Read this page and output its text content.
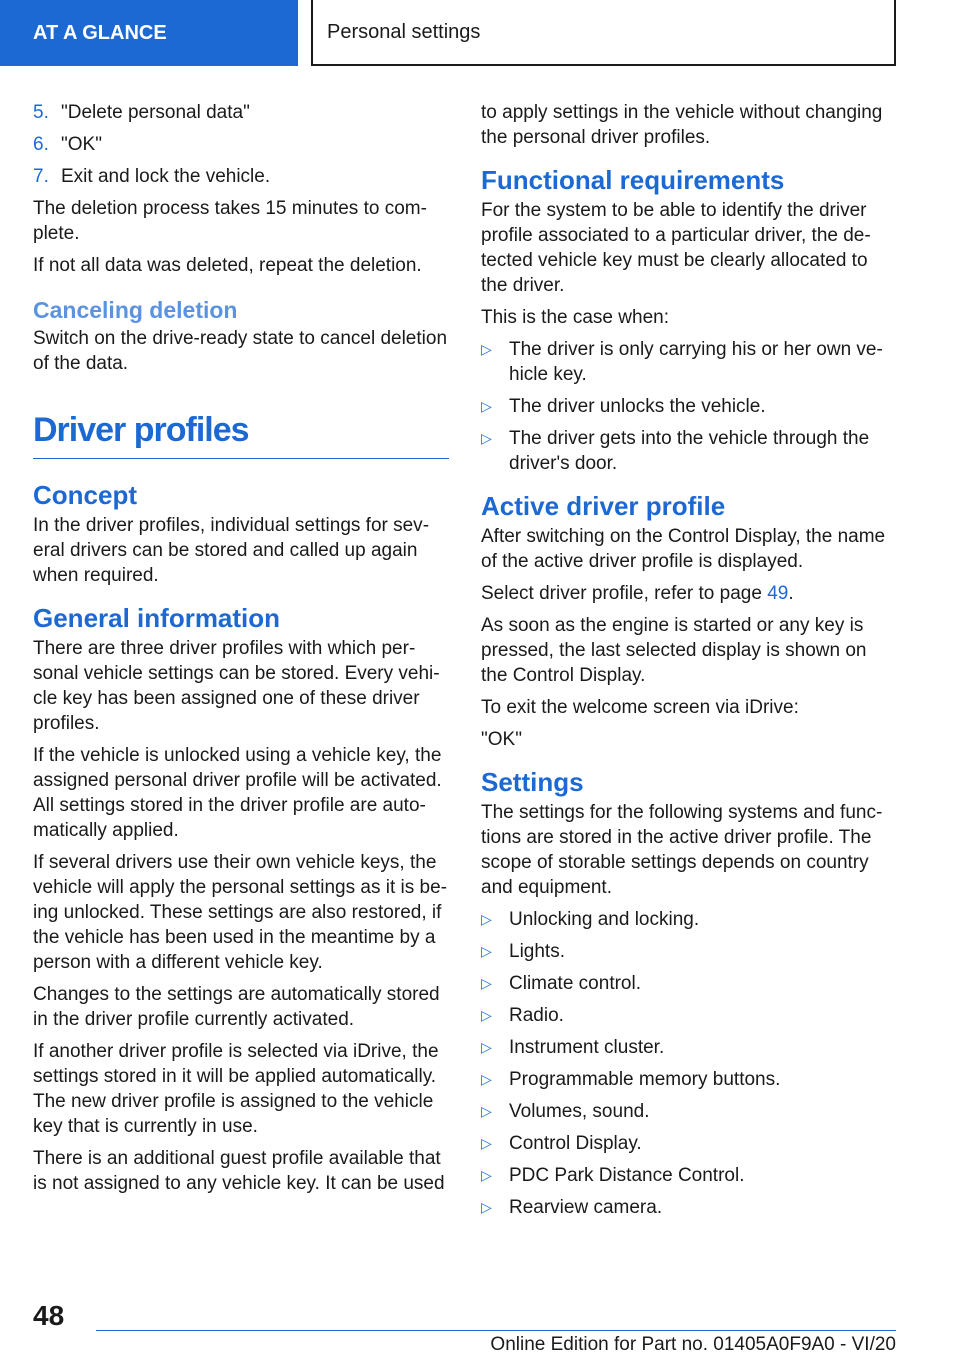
AT A GLANCE	Personal settings
5. "Delete personal data"
6. "OK"
7. Exit and lock the vehicle.

The deletion process takes 15 minutes to complete.

If not all data was deleted, repeat the deletion.

Canceling deletion

Switch on the drive-ready state to cancel deletion of the data.

Driver profiles
Concept

In the driver profiles, individual settings for several drivers can be stored and called up again when required.

General information

There are three driver profiles with which personal vehicle settings can be stored. Every vehicle key has been assigned one of these driver profiles.

If the vehicle is unlocked using a vehicle key, the assigned personal driver profile will be activated. All settings stored in the driver profile are automatically applied.

If several drivers use their own vehicle keys, the vehicle will apply the personal settings as it is being unlocked. These settings are also restored, if the vehicle has been used in the meantime by a person with a different vehicle key.

Changes to the settings are automatically stored in the driver profile currently activated.

If another driver profile is selected via iDrive, the settings stored in it will be applied automatically. The new driver profile is assigned to the vehicle key that is currently in use.

There is an additional guest profile available that is not assigned to any vehicle key. It can be used

to apply settings in the vehicle without changing the personal driver profiles.

Functional requirements

For the system to be able to identify the driver profile associated to a particular driver, the detected vehicle key must be clearly allocated to the driver.

This is the case when:

▷ The driver is only carrying his or her own vehicle key.
▷ The driver unlocks the vehicle.
▷ The driver gets into the vehicle through the driver's door.
Active driver profile

After switching on the Control Display, the name of the active driver profile is displayed.

Select driver profile, refer to page 49.

As soon as the engine is started or any key is pressed, the last selected display is shown on the Control Display.

To exit the welcome screen via iDrive:

"OK"

Settings

The settings for the following systems and functions are stored in the active driver profile. The scope of storable settings depends on country and equipment.

▷ Unlocking and locking.
▷ Lights.
▷ Climate control.
▷ Radio.
▷ Instrument cluster.
▷ Programmable memory buttons.
▷ Volumes, sound.
▷ Control Display.
▷ PDC Park Distance Control.
▷ Rearview camera.
48
Online Edition for Part no. 01405A0F9A0 - VI/20
